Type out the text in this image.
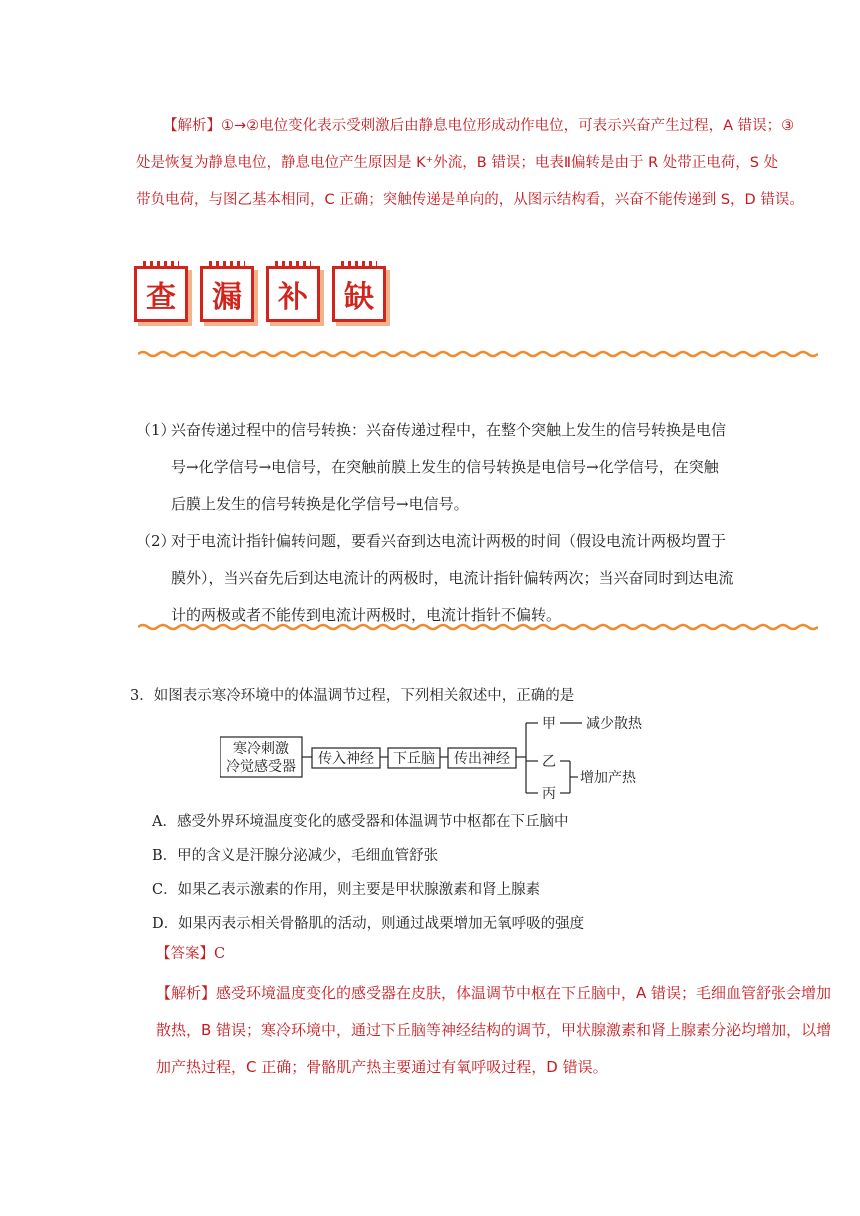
【解析】①→②电位变化表示受刺激后由静息电位形成动作电位，可表示兴奋产生过程，A 错误；③

处是恢复为静息电位，静息电位产生原因是 K⁺外流，B 错误；电表Ⅱ偏转是由于 R 处带正电荷，S 处

带负电荷，与图乙基本相同，C 正确；突触传递是单向的，从图示结构看，兴奋不能传递到 S，D 错误。

查	漏	补	缺
（1）
兴奋传递过程中的信号转换：兴奋传递过程中，在整个突触上发生的信号转换是电信
号→化学信号→电信号，在突触前膜上发生的信号转换是电信号→化学信号，在突触
后膜上发生的信号转换是化学信号→电信号。
（2）
对于电流计指针偏转问题，要看兴奋到达电流计两极的时间（假设电流计两极均置于
膜外），当兴奋先后到达电流计的两极时，电流计指针偏转两次；当兴奋同时到达电流
计的两极或者不能传到电流计两极时，电流计指针不偏转。
3．如图表示寒冷环境中的体温调节过程，下列相关叙述中，正确的是
寒冷刺激
冷觉感受器 传入神经 下丘脑 传出神经
甲
乙
丙
减少散热
增加产热
A．感受外界环境温度变化的感受器和体温调节中枢都在下丘脑中
B．甲的含义是汗腺分泌减少，毛细血管舒张
C．如果乙表示激素的作用，则主要是甲状腺激素和肾上腺素
D．如果丙表示相关骨骼肌的活动，则通过战栗增加无氧呼吸的强度
【答案】C

【解析】感受环境温度变化的感受器在皮肤，体温调节中枢在下丘脑中，A 错误；毛细血管舒张会增加

散热，B 错误；寒冷环境中，通过下丘脑等神经结构的调节，甲状腺激素和肾上腺素分泌均增加，以增

加产热过程，C 正确；骨骼肌产热主要通过有氧呼吸过程，D 错误。
